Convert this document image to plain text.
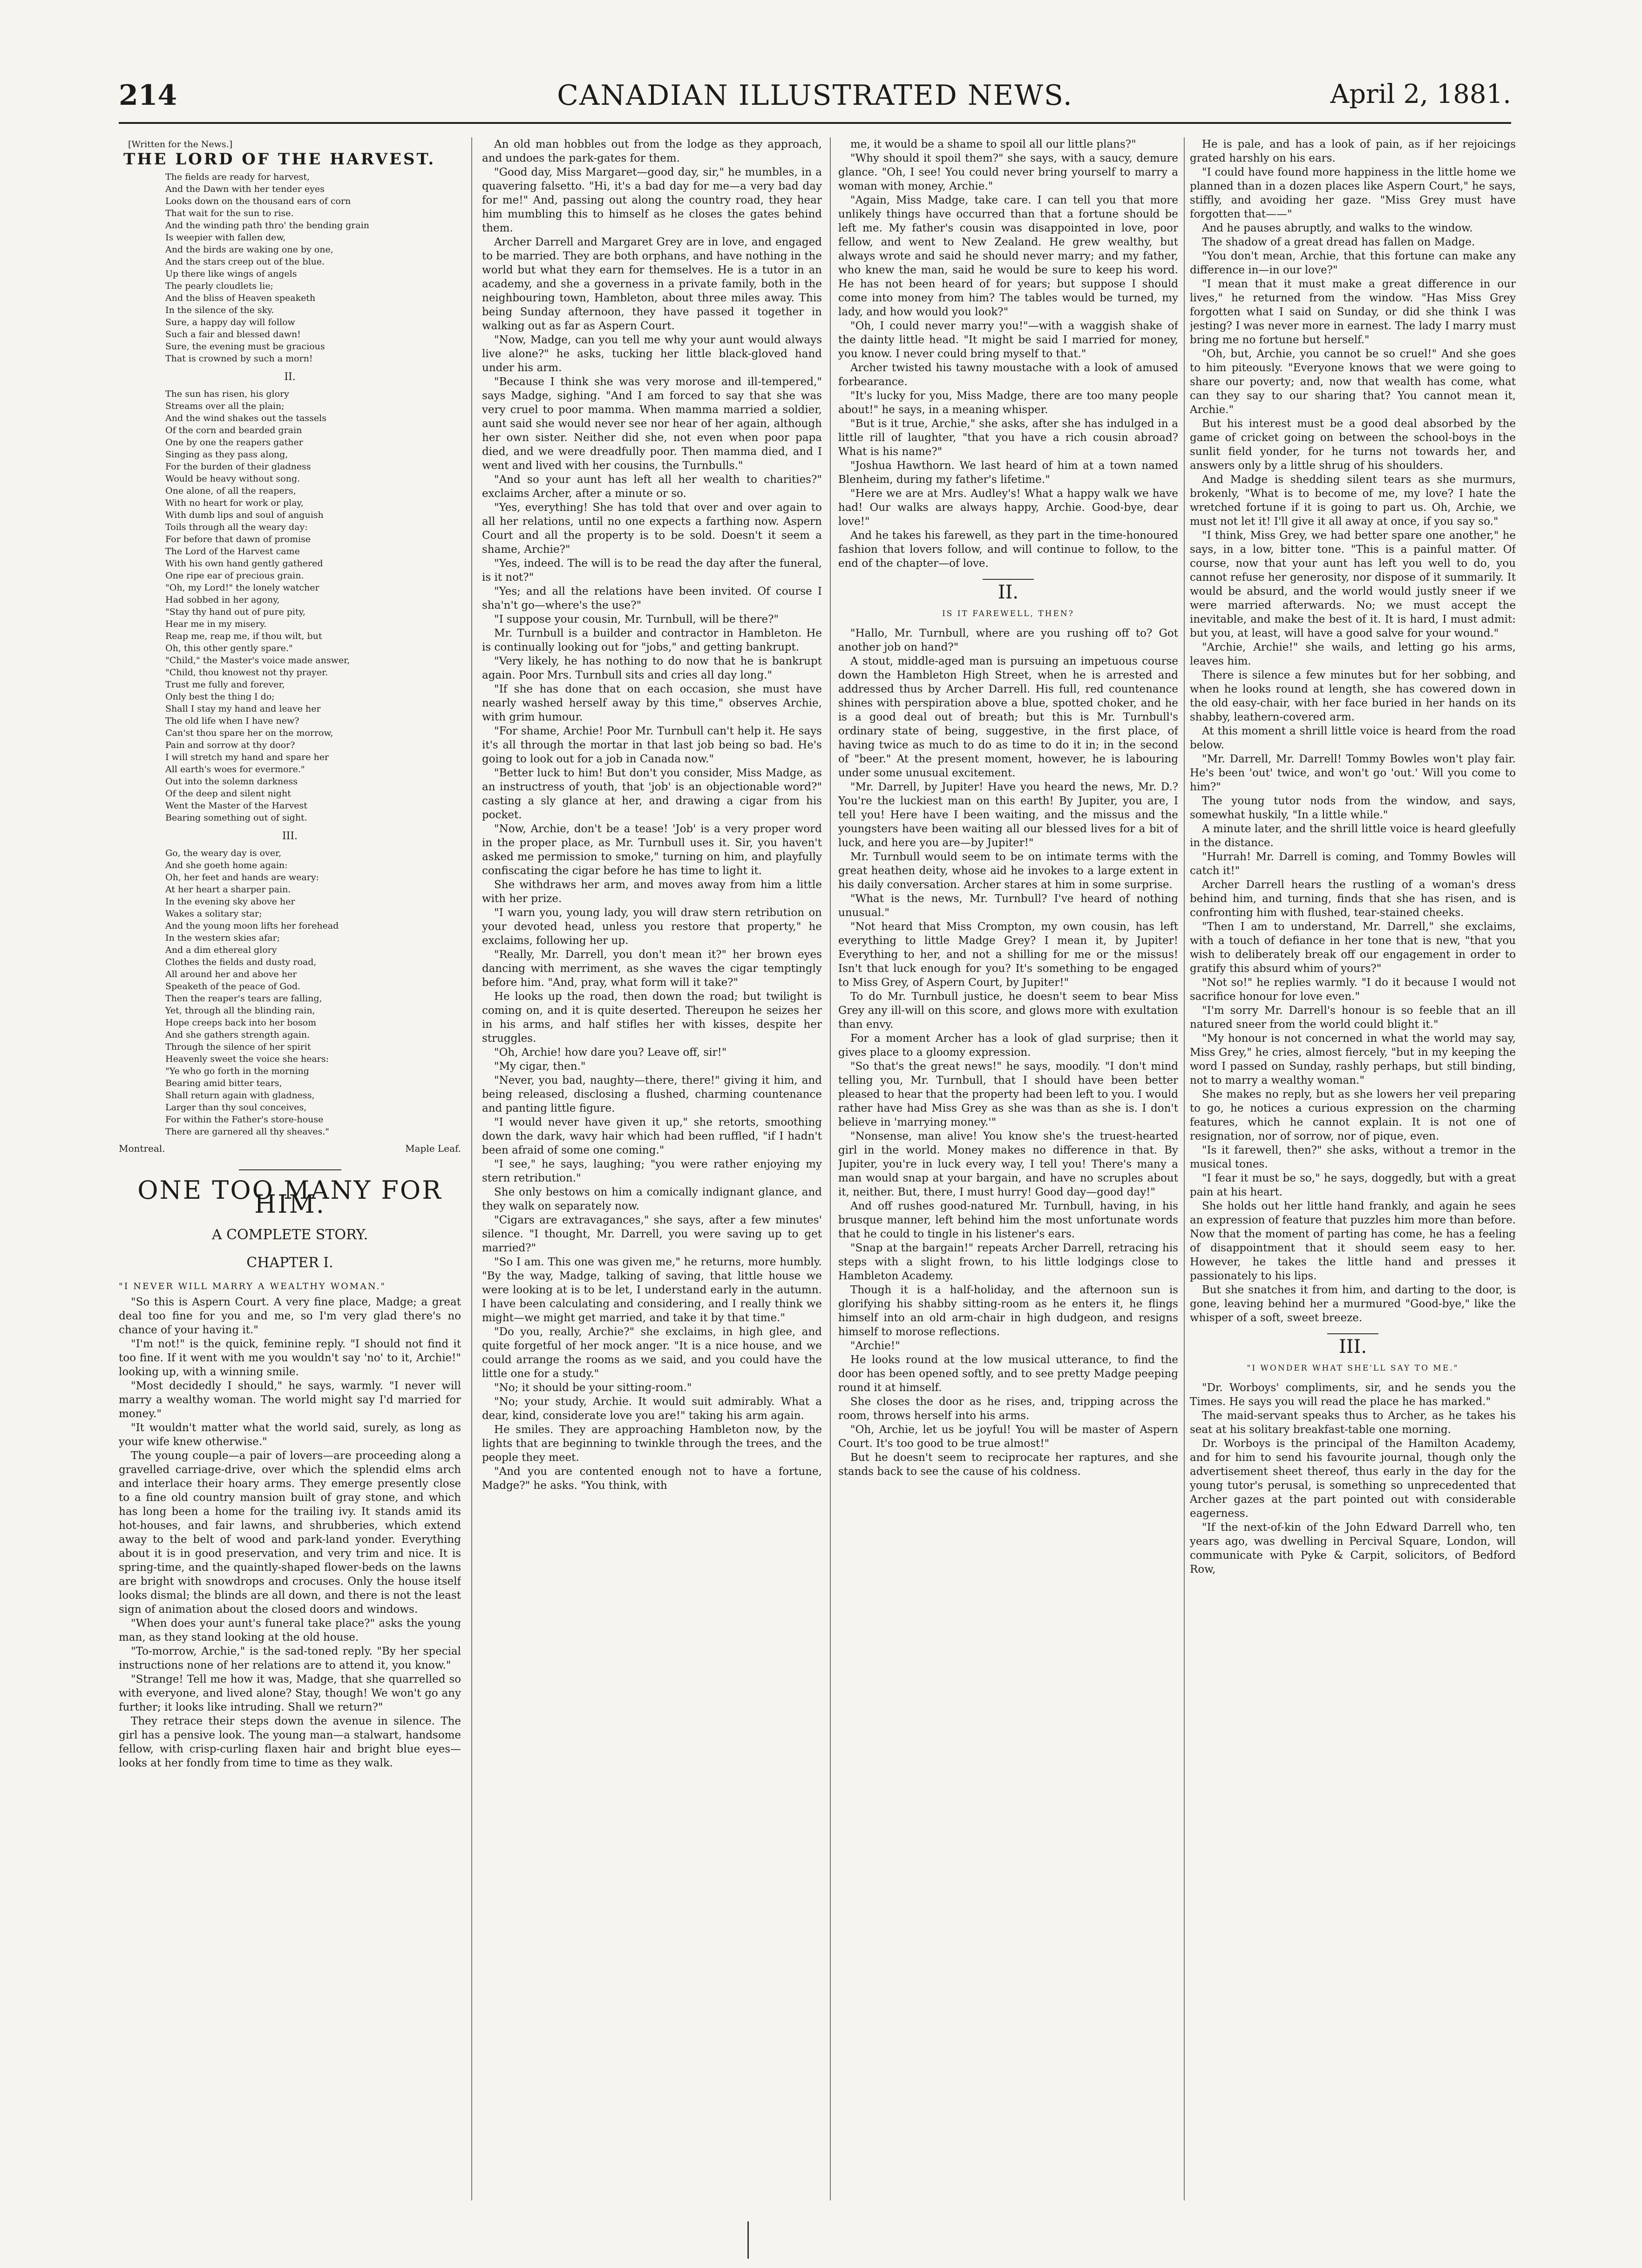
214	CANADIAN ILLUSTRATED NEWS.	April 2, 1881.
[Written for the News.]
THE LORD OF THE HARVEST.
The fields are ready for harvest,
And the Dawn with her tender eyes
Looks down on the thousand ears of corn
That wait for the sun to rise.
And the winding path thro' the bending grain
Is weepier with fallen dew,
And the birds are waking one by one,
And the stars creep out of the blue.
Up there like wings of angels
The pearly cloudlets lie;
And the bliss of Heaven speaketh
In the silence of the sky.
Sure, a happy day will follow
Such a fair and blessed dawn!
Sure, the evening must be gracious
That is crowned by such a morn!
II.
The sun has risen, his glory
Streams over all the plain;
And the wind shakes out the tassels
Of the corn and bearded grain
One by one the reapers gather
Singing as they pass along,
For the burden of their gladness
Would be heavy without song.
One alone, of all the reapers,
With no heart for work or play,
With dumb lips and soul of anguish
Toils through all the weary day:
For before that dawn of promise
The Lord of the Harvest came
With his own hand gently gathered
One ripe ear of precious grain.
"Oh, my Lord!" the lonely watcher
Had sobbed in her agony,
"Stay thy hand out of pure pity,
Hear me in my misery.
Reap me, reap me, if thou wilt, but
Oh, this other gently spare."
"Child," the Master's voice made answer,
"Child, thou knowest not thy prayer.
Trust me fully and forever,
Only best the thing I do;
Shall I stay my hand and leave her
The old life when I have new?
Can'st thou spare her on the morrow,
Pain and sorrow at thy door?
I will stretch my hand and spare her
All earth's woes for evermore."
Out into the solemn darkness
Of the deep and silent night
Went the Master of the Harvest
Bearing something out of sight.
III.
Go, the weary day is over,
And she goeth home again:
Oh, her feet and hands are weary:
At her heart a sharper pain.
In the evening sky above her
Wakes a solitary star;
And the young moon lifts her forehead
In the western skies afar;
And a dim ethereal glory
Clothes the fields and dusty road,
All around her and above her
Speaketh of the peace of God.
Then the reaper's tears are falling,
Yet, through all the blinding rain,
Hope creeps back into her bosom
And she gathers strength again.
Through the silence of her spirit
Heavenly sweet the voice she hears:
"Ye who go forth in the morning
Bearing amid bitter tears,
Shall return again with gladness,
Larger than thy soul conceives,
For within the Father's store-house
There are garnered all thy sheaves."
Montreal.	Maple Leaf.
ONE TOO MANY FOR HIM.
A COMPLETE STORY.
CHAPTER I.
"I NEVER WILL MARRY A WEALTHY WOMAN."

"So this is Aspern Court. A very fine place, Madge; a great deal too fine for you and me, so I'm very glad there's no chance of your having it."

"I'm not!" is the quick, feminine reply. "I should not find it too fine. If it went with me you wouldn't say 'no' to it, Archie!" looking up, with a winning smile.

"Most decidedly I should," he says, warmly. "I never will marry a wealthy woman. The world might say I'd married for money."

"It wouldn't matter what the world said, surely, as long as your wife knew otherwise."

The young couple—a pair of lovers—are proceeding along a gravelled carriage-drive, over which the splendid elms arch and interlace their hoary arms. They emerge presently close to a fine old country mansion built of gray stone, and which has long been a home for the trailing ivy. It stands amid its hot-houses, and fair lawns, and shrubberies, which extend away to the belt of wood and park-land yonder. Everything about it is in good preservation, and very trim and nice. It is spring-time, and the quaintly-shaped flower-beds on the lawns are bright with snowdrops and crocuses. Only the house itself looks dismal; the blinds are all down, and there is not the least sign of animation about the closed doors and windows.

"When does your aunt's funeral take place?" asks the young man, as they stand looking at the old house.

"To-morrow, Archie," is the sad-toned reply. "By her special instructions none of her relations are to attend it, you know."

"Strange! Tell me how it was, Madge, that she quarrelled so with everyone, and lived alone? Stay, though! We won't go any further; it looks like intruding. Shall we return?"

They retrace their steps down the avenue in silence. The girl has a pensive look. The young man—a stalwart, handsome fellow, with crisp-curling flaxen hair and bright blue eyes—looks at her fondly from time to time as they walk.

An old man hobbles out from the lodge as they approach, and undoes the park-gates for them.

"Good day, Miss Margaret—good day, sir," he mumbles, in a quavering falsetto. "Hi, it's a bad day for me—a very bad day for me!" And, passing out along the country road, they hear him mumbling this to himself as he closes the gates behind them.

Archer Darrell and Margaret Grey are in love, and engaged to be married. They are both orphans, and have nothing in the world but what they earn for themselves. He is a tutor in an academy, and she a governess in a private family, both in the neighbouring town, Hambleton, about three miles away. This being Sunday afternoon, they have passed it together in walking out as far as Aspern Court.

"Now, Madge, can you tell me why your aunt would always live alone?" he asks, tucking her little black-gloved hand under his arm.

"Because I think she was very morose and ill-tempered," says Madge, sighing. "And I am forced to say that she was very cruel to poor mamma. When mamma married a soldier, aunt said she would never see nor hear of her again, although her own sister. Neither did she, not even when poor papa died, and we were dreadfully poor. Then mamma died, and I went and lived with her cousins, the Turnbulls."

"And so your aunt has left all her wealth to charities?" exclaims Archer, after a minute or so.

"Yes, everything! She has told that over and over again to all her relations, until no one expects a farthing now. Aspern Court and all the property is to be sold. Doesn't it seem a shame, Archie?"

"Yes, indeed. The will is to be read the day after the funeral, is it not?"

"Yes; and all the relations have been invited. Of course I sha'n't go—where's the use?"

"I suppose your cousin, Mr. Turnbull, will be there?"

Mr. Turnbull is a builder and contractor in Hambleton. He is continually looking out for "jobs," and getting bankrupt.

"Very likely, he has nothing to do now that he is bankrupt again. Poor Mrs. Turnbull sits and cries all day long."

"If she has done that on each occasion, she must have nearly washed herself away by this time," observes Archie, with grim humour.

"For shame, Archie! Poor Mr. Turnbull can't help it. He says it's all through the mortar in that last job being so bad. He's going to look out for a job in Canada now."

"Better luck to him! But don't you consider, Miss Madge, as an instructress of youth, that 'job' is an objectionable word?" casting a sly glance at her, and drawing a cigar from his pocket.

"Now, Archie, don't be a tease! 'Job' is a very proper word in the proper place, as Mr. Turnbull uses it. Sir, you haven't asked me permission to smoke," turning on him, and playfully confiscating the cigar before he has time to light it.

She withdraws her arm, and moves away from him a little with her prize.

"I warn you, young lady, you will draw stern retribution on your devoted head, unless you restore that property," he exclaims, following her up.

"Really, Mr. Darrell, you don't mean it?" her brown eyes dancing with merriment, as she waves the cigar temptingly before him. "And, pray, what form will it take?"

He looks up the road, then down the road; but twilight is coming on, and it is quite deserted. Thereupon he seizes her in his arms, and half stifles her with kisses, despite her struggles.

"Oh, Archie! how dare you? Leave off, sir!"

"My cigar, then."

"Never, you bad, naughty—there, there!" giving it him, and being released, disclosing a flushed, charming countenance and panting little figure.

"I would never have given it up," she retorts, smoothing down the dark, wavy hair which had been ruffled, "if I hadn't been afraid of some one coming."

"I see," he says, laughing; "you were rather enjoying my stern retribution."

She only bestows on him a comically indignant glance, and they walk on separately now.

"Cigars are extravagances," she says, after a few minutes' silence. "I thought, Mr. Darrell, you were saving up to get married?"

"So I am. This one was given me," he returns, more humbly. "By the way, Madge, talking of saving, that little house we were looking at is to be let, I understand early in the autumn. I have been calculating and considering, and I really think we might—we might get married, and take it by that time."

"Do you, really, Archie?" she exclaims, in high glee, and quite forgetful of her mock anger. "It is a nice house, and we could arrange the rooms as we said, and you could have the little one for a study."

"No; it should be your sitting-room."

"No; your study, Archie. It would suit admirably. What a dear, kind, considerate love you are!" taking his arm again.

He smiles. They are approaching Hambleton now, by the lights that are beginning to twinkle through the trees, and the people they meet.

"And you are contented enough not to have a fortune, Madge?" he asks. "You think, with

me, it would be a shame to spoil all our little plans?"

"Why should it spoil them?" she says, with a saucy, demure glance. "Oh, I see! You could never bring yourself to marry a woman with money, Archie."

"Again, Miss Madge, take care. I can tell you that more unlikely things have occurred than that a fortune should be left me. My father's cousin was disappointed in love, poor fellow, and went to New Zealand. He grew wealthy, but always wrote and said he should never marry; and my father, who knew the man, said he would be sure to keep his word. He has not been heard of for years; but suppose I should come into money from him? The tables would be turned, my lady, and how would you look?"

"Oh, I could never marry you!"—with a waggish shake of the dainty little head. "It might be said I married for money, you know. I never could bring myself to that."

Archer twisted his tawny moustache with a look of amused forbearance.

"It's lucky for you, Miss Madge, there are too many people about!" he says, in a meaning whisper.

"But is it true, Archie," she asks, after she has indulged in a little rill of laughter, "that you have a rich cousin abroad? What is his name?"

"Joshua Hawthorn. We last heard of him at a town named Blenheim, during my father's lifetime."

"Here we are at Mrs. Audley's! What a happy walk we have had! Our walks are always happy, Archie. Good-bye, dear love!"

And he takes his farewell, as they part in the time-honoured fashion that lovers follow, and will continue to follow, to the end of the chapter—of love.

II.
IS IT FAREWELL, THEN?

"Hallo, Mr. Turnbull, where are you rushing off to? Got another job on hand?"

A stout, middle-aged man is pursuing an impetuous course down the Hambleton High Street, when he is arrested and addressed thus by Archer Darrell. His full, red countenance shines with perspiration above a blue, spotted choker, and he is a good deal out of breath; but this is Mr. Turnbull's ordinary state of being, suggestive, in the first place, of having twice as much to do as time to do it in; in the second of "beer." At the present moment, however, he is labouring under some unusual excitement.

"Mr. Darrell, by Jupiter! Have you heard the news, Mr. D.? You're the luckiest man on this earth! By Jupiter, you are, I tell you! Here have I been waiting, and the missus and the youngsters have been waiting all our blessed lives for a bit of luck, and here you are—by Jupiter!"

Mr. Turnbull would seem to be on intimate terms with the great heathen deity, whose aid he invokes to a large extent in his daily conversation. Archer stares at him in some surprise.

"What is the news, Mr. Turnbull? I've heard of nothing unusual."

"Not heard that Miss Crompton, my own cousin, has left everything to little Madge Grey? I mean it, by Jupiter! Everything to her, and not a shilling for me or the missus! Isn't that luck enough for you? It's something to be engaged to Miss Grey, of Aspern Court, by Jupiter!"

To do Mr. Turnbull justice, he doesn't seem to bear Miss Grey any ill-will on this score, and glows more with exultation than envy.

For a moment Archer has a look of glad surprise; then it gives place to a gloomy expression.

"So that's the great news!" he says, moodily. "I don't mind telling you, Mr. Turnbull, that I should have been better pleased to hear that the property had been left to you. I would rather have had Miss Grey as she was than as she is. I don't believe in 'marrying money.'"

"Nonsense, man alive! You know she's the truest-hearted girl in the world. Money makes no difference in that. By Jupiter, you're in luck every way, I tell you! There's many a man would snap at your bargain, and have no scruples about it, neither. But, there, I must hurry! Good day—good day!"

And off rushes good-natured Mr. Turnbull, having, in his brusque manner, left behind him the most unfortunate words that he could to tingle in his listener's ears.

"Snap at the bargain!" repeats Archer Darrell, retracing his steps with a slight frown, to his little lodgings close to Hambleton Academy.

Though it is a half-holiday, and the afternoon sun is glorifying his shabby sitting-room as he enters it, he flings himself into an old arm-chair in high dudgeon, and resigns himself to morose reflections.

"Archie!"

He looks round at the low musical utterance, to find the door has been opened softly, and to see pretty Madge peeping round it at himself.

She closes the door as he rises, and, tripping across the room, throws herself into his arms.

"Oh, Archie, let us be joyful! You will be master of Aspern Court. It's too good to be true almost!"

But he doesn't seem to reciprocate her raptures, and she stands back to see the cause of his coldness.

He is pale, and has a look of pain, as if her rejoicings grated harshly on his ears.

"I could have found more happiness in the little home we planned than in a dozen places like Aspern Court," he says, stiffly, and avoiding her gaze. "Miss Grey must have forgotten that——"

And he pauses abruptly, and walks to the window.

The shadow of a great dread has fallen on Madge.

"You don't mean, Archie, that this fortune can make any difference in—in our love?"

"I mean that it must make a great difference in our lives," he returned from the window. "Has Miss Grey forgotten what I said on Sunday, or did she think I was jesting? I was never more in earnest. The lady I marry must bring me no fortune but herself."

"Oh, but, Archie, you cannot be so cruel!" And she goes to him piteously. "Everyone knows that we were going to share our poverty; and, now that wealth has come, what can they say to our sharing that? You cannot mean it, Archie."

But his interest must be a good deal absorbed by the game of cricket going on between the school-boys in the sunlit field yonder, for he turns not towards her, and answers only by a little shrug of his shoulders.

And Madge is shedding silent tears as she murmurs, brokenly, "What is to become of me, my love? I hate the wretched fortune if it is going to part us. Oh, Archie, we must not let it! I'll give it all away at once, if you say so."

"I think, Miss Grey, we had better spare one another," he says, in a low, bitter tone. "This is a painful matter. Of course, now that your aunt has left you well to do, you cannot refuse her generosity, nor dispose of it summarily. It would be absurd, and the world would justly sneer if we were married afterwards. No; we must accept the inevitable, and make the best of it. It is hard, I must admit: but you, at least, will have a good salve for your wound."

"Archie, Archie!" she wails, and letting go his arms, leaves him.

There is silence a few minutes but for her sobbing, and when he looks round at length, she has cowered down in the old easy-chair, with her face buried in her hands on its shabby, leathern-covered arm.

At this moment a shrill little voice is heard from the road below.

"Mr. Darrell, Mr. Darrell! Tommy Bowles won't play fair. He's been 'out' twice, and won't go 'out.' Will you come to him?"

The young tutor nods from the window, and says, somewhat huskily, "In a little while."

A minute later, and the shrill little voice is heard gleefully in the distance.

"Hurrah! Mr. Darrell is coming, and Tommy Bowles will catch it!"

Archer Darrell hears the rustling of a woman's dress behind him, and turning, finds that she has risen, and is confronting him with flushed, tear-stained cheeks.

"Then I am to understand, Mr. Darrell," she exclaims, with a touch of defiance in her tone that is new, "that you wish to deliberately break off our engagement in order to gratify this absurd whim of yours?"

"Not so!" he replies warmly. "I do it because I would not sacrifice honour for love even."

"I'm sorry Mr. Darrell's honour is so feeble that an ill natured sneer from the world could blight it."

"My honour is not concerned in what the world may say, Miss Grey," he cries, almost fiercely, "but in my keeping the word I passed on Sunday, rashly perhaps, but still binding, not to marry a wealthy woman."

She makes no reply, but as she lowers her veil preparing to go, he notices a curious expression on the charming features, which he cannot explain. It is not one of resignation, nor of sorrow, nor of pique, even.

"Is it farewell, then?" she asks, without a tremor in the musical tones.

"I fear it must be so," he says, doggedly, but with a great pain at his heart.

She holds out her little hand frankly, and again he sees an expression of feature that puzzles him more than before. Now that the moment of parting has come, he has a feeling of disappointment that it should seem easy to her. However, he takes the little hand and presses it passionately to his lips.

But she snatches it from him, and darting to the door, is gone, leaving behind her a murmured "Good-bye," like the whisper of a soft, sweet breeze.

III.
"I WONDER WHAT SHE'LL SAY TO ME."

"Dr. Worboys' compliments, sir, and he sends you the Times. He says you will read the place he has marked."

The maid-servant speaks thus to Archer, as he takes his seat at his solitary breakfast-table one morning.

Dr. Worboys is the principal of the Hamilton Academy, and for him to send his favourite journal, though only the advertisement sheet thereof, thus early in the day for the young tutor's perusal, is something so unprecedented that Archer gazes at the part pointed out with considerable eagerness.

"If the next-of-kin of the John Edward Darrell who, ten years ago, was dwelling in Percival Square, London, will communicate with Pyke & Carpit, solicitors, of Bedford Row,
